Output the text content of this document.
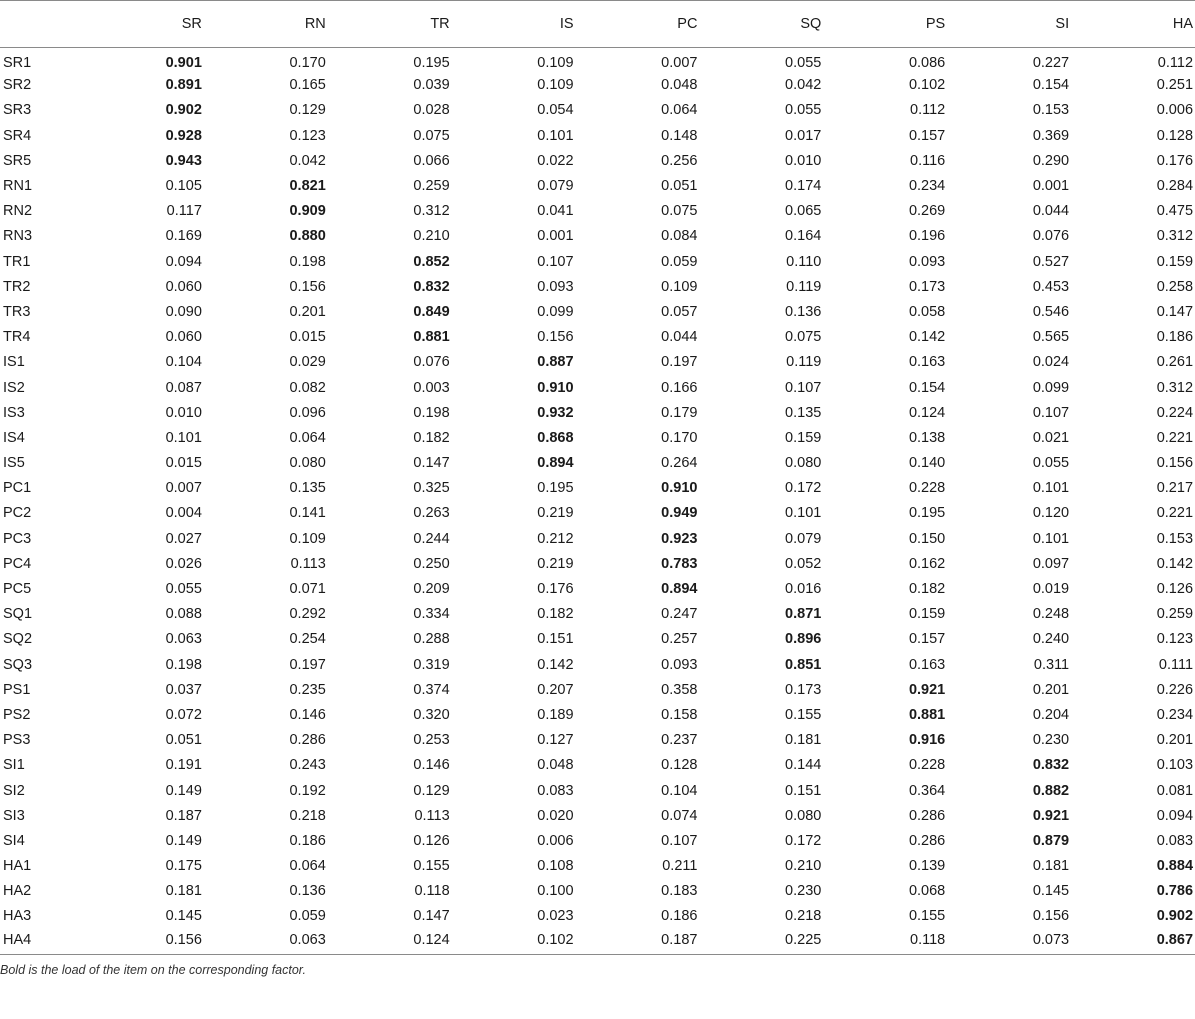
	SR	RN	TR	IS	PC	SQ	PS	SI	HA
SR1	0.901	0.170	0.195	0.109	0.007	0.055	0.086	0.227	0.112
SR2	0.891	0.165	0.039	0.109	0.048	0.042	0.102	0.154	0.251
SR3	0.902	0.129	0.028	0.054	0.064	0.055	0.112	0.153	0.006
SR4	0.928	0.123	0.075	0.101	0.148	0.017	0.157	0.369	0.128
SR5	0.943	0.042	0.066	0.022	0.256	0.010	0.116	0.290	0.176
RN1	0.105	0.821	0.259	0.079	0.051	0.174	0.234	0.001	0.284
RN2	0.117	0.909	0.312	0.041	0.075	0.065	0.269	0.044	0.475
RN3	0.169	0.880	0.210	0.001	0.084	0.164	0.196	0.076	0.312
TR1	0.094	0.198	0.852	0.107	0.059	0.110	0.093	0.527	0.159
TR2	0.060	0.156	0.832	0.093	0.109	0.119	0.173	0.453	0.258
TR3	0.090	0.201	0.849	0.099	0.057	0.136	0.058	0.546	0.147
TR4	0.060	0.015	0.881	0.156	0.044	0.075	0.142	0.565	0.186
IS1	0.104	0.029	0.076	0.887	0.197	0.119	0.163	0.024	0.261
IS2	0.087	0.082	0.003	0.910	0.166	0.107	0.154	0.099	0.312
IS3	0.010	0.096	0.198	0.932	0.179	0.135	0.124	0.107	0.224
IS4	0.101	0.064	0.182	0.868	0.170	0.159	0.138	0.021	0.221
IS5	0.015	0.080	0.147	0.894	0.264	0.080	0.140	0.055	0.156
PC1	0.007	0.135	0.325	0.195	0.910	0.172	0.228	0.101	0.217
PC2	0.004	0.141	0.263	0.219	0.949	0.101	0.195	0.120	0.221
PC3	0.027	0.109	0.244	0.212	0.923	0.079	0.150	0.101	0.153
PC4	0.026	0.113	0.250	0.219	0.783	0.052	0.162	0.097	0.142
PC5	0.055	0.071	0.209	0.176	0.894	0.016	0.182	0.019	0.126
SQ1	0.088	0.292	0.334	0.182	0.247	0.871	0.159	0.248	0.259
SQ2	0.063	0.254	0.288	0.151	0.257	0.896	0.157	0.240	0.123
SQ3	0.198	0.197	0.319	0.142	0.093	0.851	0.163	0.311	0.111
PS1	0.037	0.235	0.374	0.207	0.358	0.173	0.921	0.201	0.226
PS2	0.072	0.146	0.320	0.189	0.158	0.155	0.881	0.204	0.234
PS3	0.051	0.286	0.253	0.127	0.237	0.181	0.916	0.230	0.201
SI1	0.191	0.243	0.146	0.048	0.128	0.144	0.228	0.832	0.103
SI2	0.149	0.192	0.129	0.083	0.104	0.151	0.364	0.882	0.081
SI3	0.187	0.218	0.113	0.020	0.074	0.080	0.286	0.921	0.094
SI4	0.149	0.186	0.126	0.006	0.107	0.172	0.286	0.879	0.083
HA1	0.175	0.064	0.155	0.108	0.211	0.210	0.139	0.181	0.884
HA2	0.181	0.136	0.118	0.100	0.183	0.230	0.068	0.145	0.786
HA3	0.145	0.059	0.147	0.023	0.186	0.218	0.155	0.156	0.902
HA4	0.156	0.063	0.124	0.102	0.187	0.225	0.118	0.073	0.867
Bold is the load of the item on the corresponding factor.									
